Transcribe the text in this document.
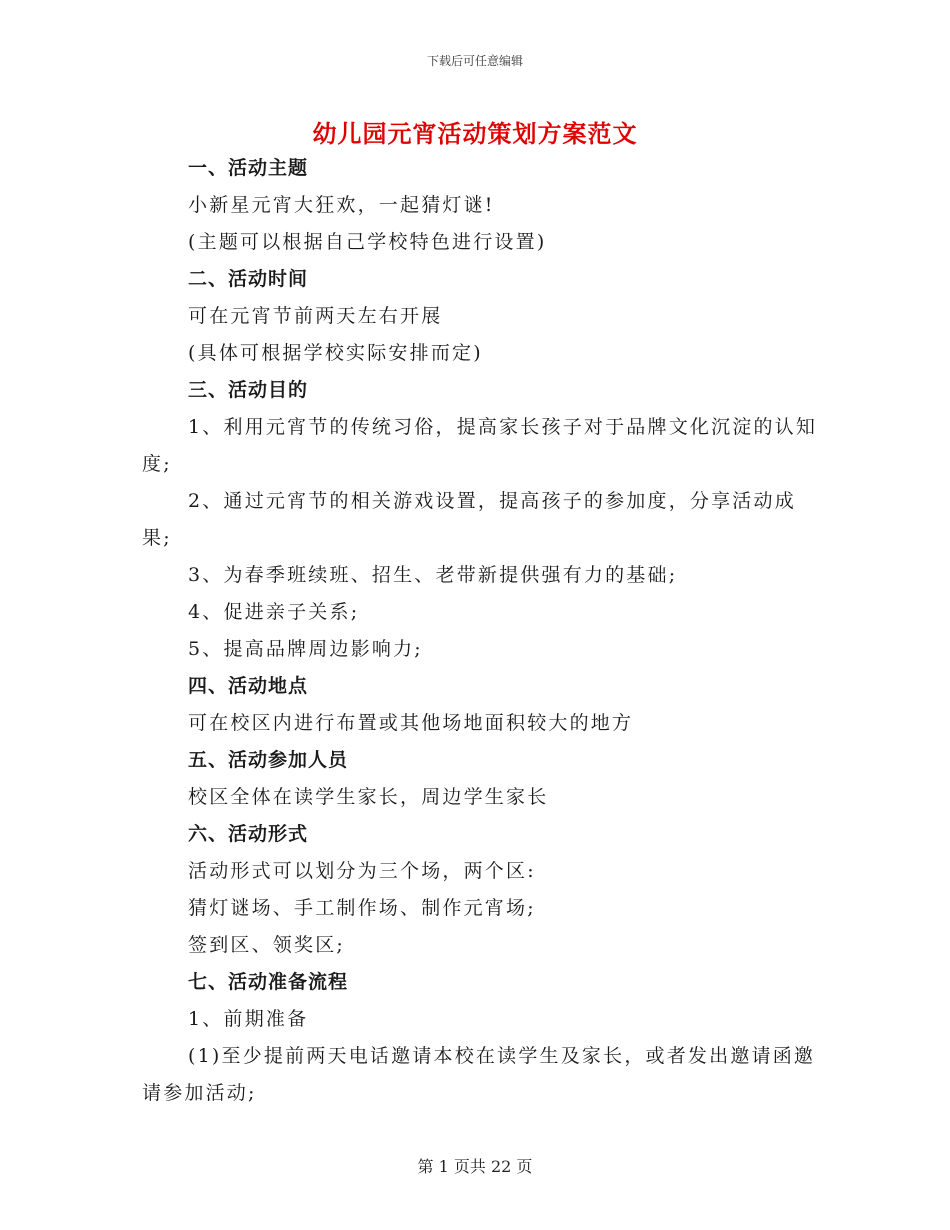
下载后可任意编辑
幼儿园元宵活动策划方案范文
一、活动主题
小新星元宵大狂欢，一起猜灯谜!
(主题可以根据自己学校特色进行设置)
二、活动时间
可在元宵节前两天左右开展
(具体可根据学校实际安排而定)
三、活动目的
1、利用元宵节的传统习俗，提高家长孩子对于品牌文化沉淀的认知度;
2、通过元宵节的相关游戏设置，提高孩子的参加度，分享活动成果;
3、为春季班续班、招生、老带新提供强有力的基础;
4、促进亲子关系;
5、提高品牌周边影响力;
四、活动地点
可在校区内进行布置或其他场地面积较大的地方
五、活动参加人员
校区全体在读学生家长，周边学生家长
六、活动形式
活动形式可以划分为三个场，两个区:
猜灯谜场、手工制作场、制作元宵场;
签到区、领奖区;
七、活动准备流程
1、前期准备
(1)至少提前两天电话邀请本校在读学生及家长，或者发出邀请函邀请参加活动;
第 1 页共 22 页
